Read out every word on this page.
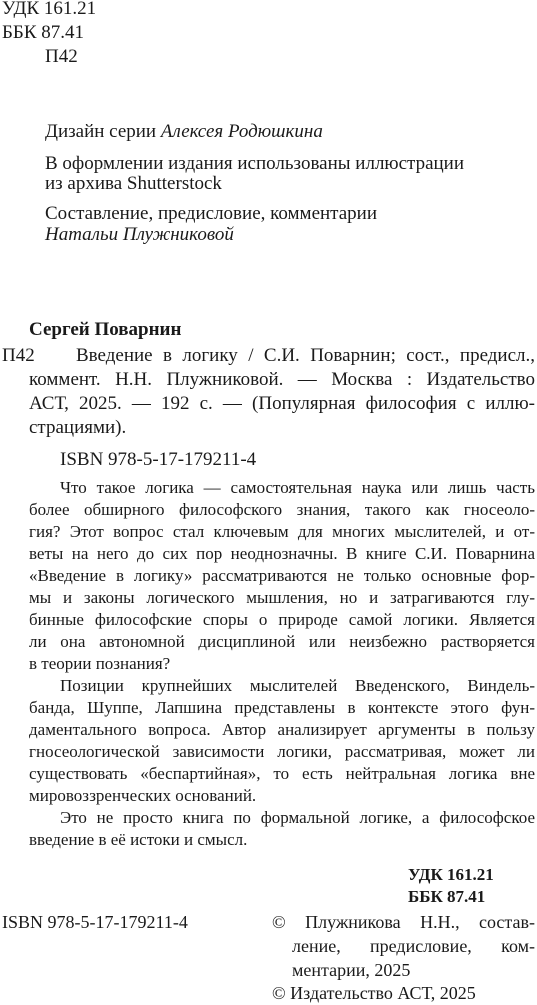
УДК 161.21
ББК 87.41
П42
Дизайн серии Алексея Родюшкина
В оформлении издания использованы иллюстрации
из архива Shutterstock
Составление, предисловие, комментарии
Натальи Плужниковой
Сергей Поварнин
П42 Введение в логику / С.И. Поварнин; сост., предисл.,
коммент. Н.Н. Плужниковой. — Москва : Издательство
АСТ, 2025. — 192 с. — (Популярная философия с иллю-
страциями).
ISBN 978-5-17-179211-4
Что такое логика — самостоятельная наука или лишь часть
более обширного философского знания, такого как гносеоло-
гия? Этот вопрос стал ключевым для многих мыслителей, и от-
веты на него до сих пор неоднозначны. В книге С.И. Поварнина
«Введение в логику» рассматриваются не только основные фор-
мы и законы логического мышления, но и затрагиваются глу-
бинные философские споры о природе самой логики. Является
ли она автономной дисциплиной или неизбежно растворяется
в теории познания?
Позиции крупнейших мыслителей Введенского, Виндель-
банда, Шуппе, Лапшина представлены в контексте этого фун-
даментального вопроса. Автор анализирует аргументы в пользу
гносеологической зависимости логики, рассматривая, может ли
существовать «беспартийная», то есть нейтральная логика вне
мировоззренческих оснований.
Это не просто книга по формальной логике, а философское
введение в её истоки и смысл.
УДК 161.21
ББК 87.41
ISBN 978-5-17-179211-4	© Плужникова Н.Н., состав-
ление, предисловие, ком-
ментарии, 2025
© Издательство АСТ, 2025
